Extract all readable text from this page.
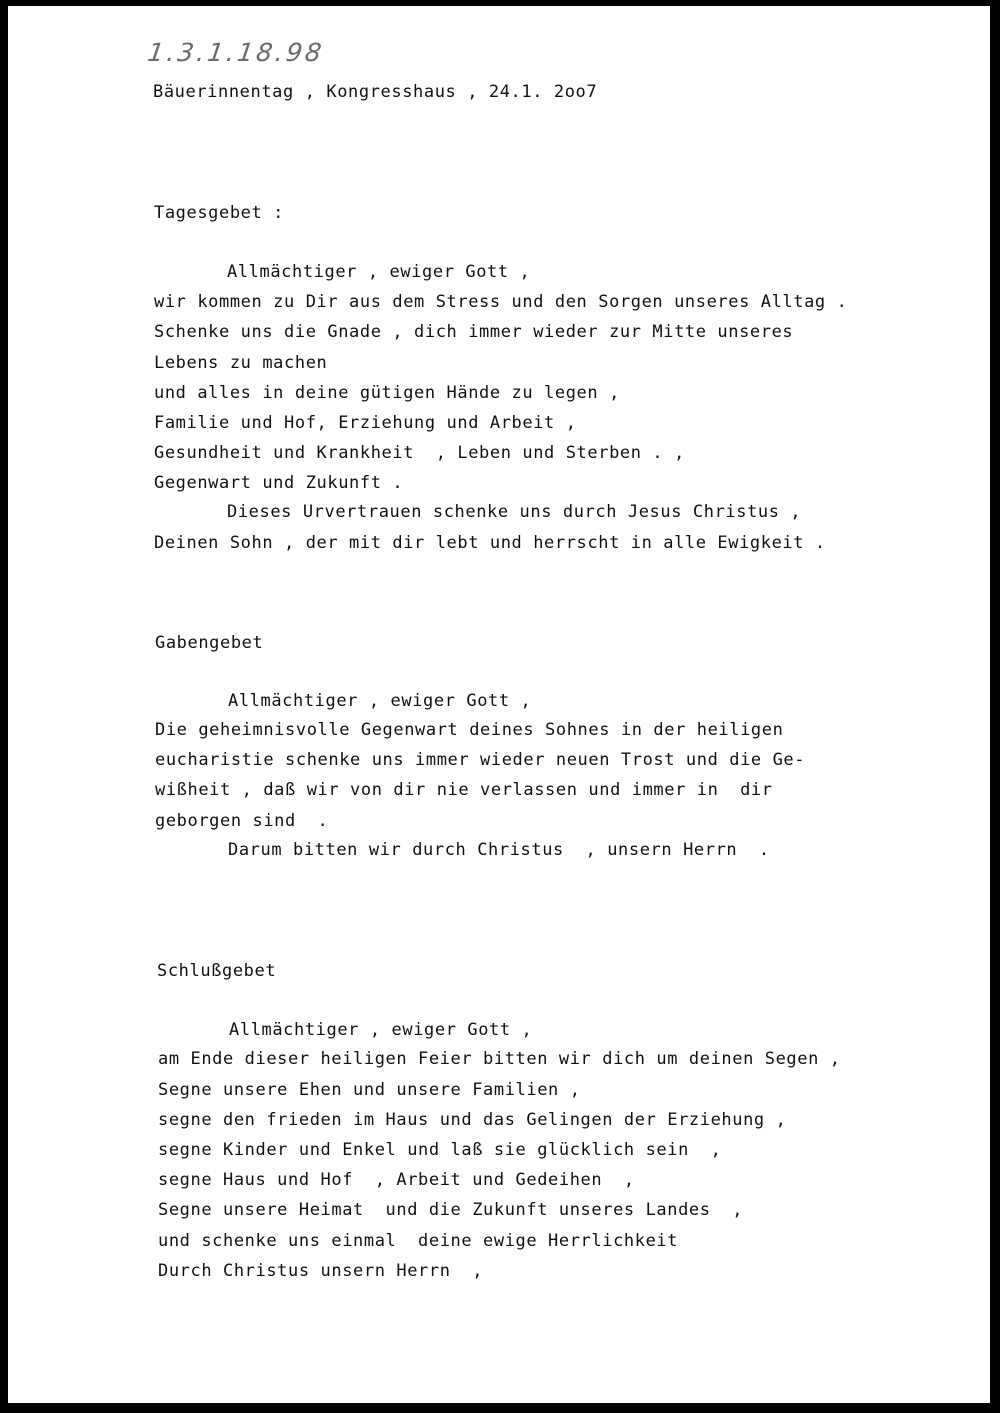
1.3.1.18.98

Bäuerinnentag , Kongresshaus , 24.1. 2oo7

Tagesgebet :

Allmächtiger , ewiger Gott ,

wir kommen zu Dir aus dem Stress und den Sorgen unseres Alltag .

Schenke uns die Gnade , dich immer wieder zur Mitte unseres

Lebens zu machen

und alles in deine gütigen Hände zu legen ,

Familie und Hof, Erziehung und Arbeit ,

Gesundheit und Krankheit  , Leben und Sterben . ,

Gegenwart und Zukunft .

Dieses Urvertrauen schenke uns durch Jesus Christus ,

Deinen Sohn , der mit dir lebt und herrscht in alle Ewigkeit .

Gabengebet

Allmächtiger , ewiger Gott ,

Die geheimnisvolle Gegenwart deines Sohnes in der heiligen

eucharistie schenke uns immer wieder neuen Trost und die Ge-

wißheit , daß wir von dir nie verlassen und immer in  dir

geborgen sind  .

Darum bitten wir durch Christus  , unsern Herrn  .

Schlußgebet

Allmächtiger , ewiger Gott ,

am Ende dieser heiligen Feier bitten wir dich um deinen Segen ,

Segne unsere Ehen und unsere Familien ,

segne den frieden im Haus und das Gelingen der Erziehung ,

segne Kinder und Enkel und laß sie glücklich sein  ,

segne Haus und Hof  , Arbeit und Gedeihen  ,

Segne unsere Heimat  und die Zukunft unseres Landes  ,

und schenke uns einmal  deine ewige Herrlichkeit

Durch Christus unsern Herrn  ,
